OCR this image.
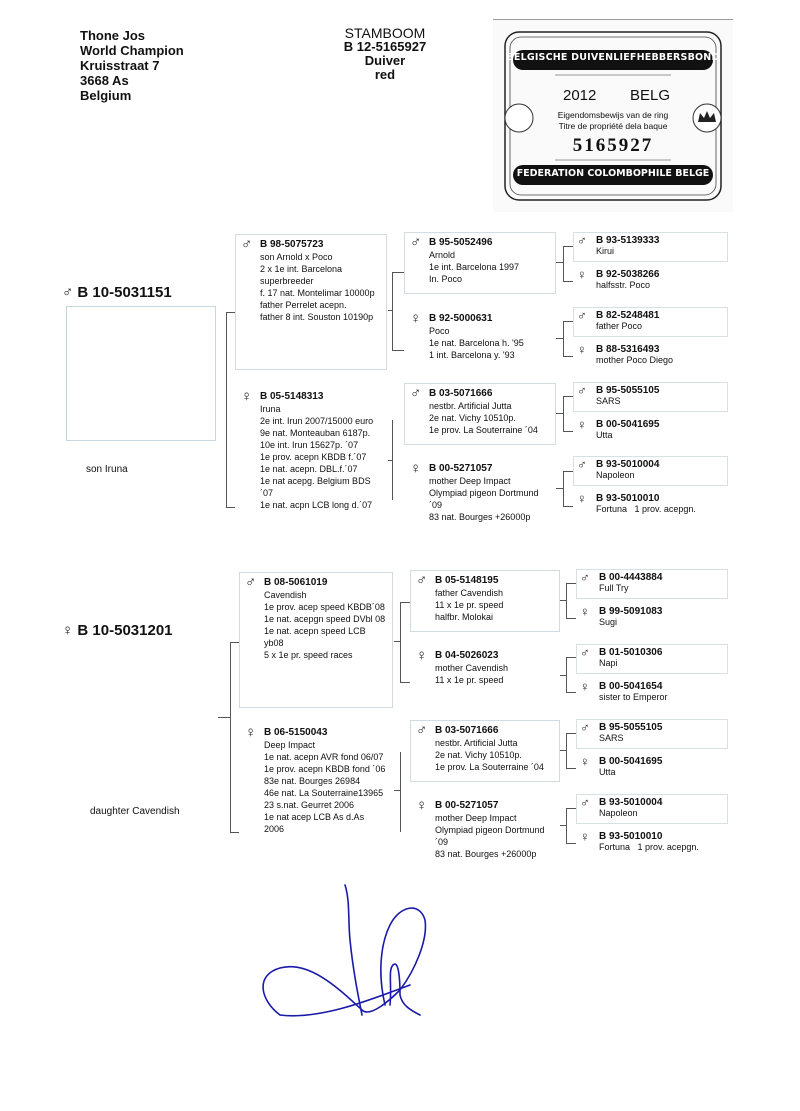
Thone Jos
World Champion
Kruisstraat 7
3668 As
Belgium
STAMBOOM
B 12-5165927
Duiver
red
BELGISCHE DUIVENLIEFHEBBERSBOND
2012 BELG
Eigendomsbewijs van de ring
Titre de propriété dela baque
5165927
FEDERATION COLOMBOPHILE BELGE
♂ B 10-5031151
son Iruna
♂ B 98-5075723
son Arnold x Poco
2 x 1e int. Barcelona
superbreeder
f. 17 nat. Montelimar 10000p
father Perrelet acepn.
father 8 int. Souston 10190p
♀ B 05-5148313
Iruna
2e int. Irun 2007/15000 euro
9e nat. Monteauban 6187p.
10e int. Irun 15627p. ´07
1e prov. acepn KBDB f.´07
1e nat. acepn. DBL.f.´07
1e nat acepg. Belgium BDS´07
1e nat. acpn LCB long d.´07
♂ B 95-5052496
Arnold
1e int. Barcelona 1997
In. Poco
♀ B 92-5000631
Poco
1e nat. Barcelona h. '95
1 int. Barcelona y. '93
♂ B 03-5071666
nestbr. Artificial Jutta
2e nat. Vichy 10510p.
1e prov. La Souterraine ´04
♀ B 00-5271057
mother Deep Impact
Olympiad pigeon Dortmund ´09
83 nat. Bourges +26000p
♂ B 93-5139333
Kirui
♀ B 92-5038266
halfsstr. Poco
♂ B 82-5248481
father Poco
♀ B 88-5316493
mother Poco Diego
♂ B 95-5055105
SARS
♀ B 00-5041695
Utta
♂ B 93-5010004
Napoleon
♀ B 93-5010010
Fortuna   1 prov. acepgn.
♀ B 10-5031201
daughter Cavendish
♂ B 08-5061019
Cavendish
1e prov. acep speed KBDB´08
1e nat. acepgn speed DVbl 08
1e nat. acepn speed LCB yb08
5 x 1e pr. speed races
♀ B 06-5150043
Deep Impact
1e nat. acepn AVR fond 06/07
1e prov. acepn KBDB fond ´06
83e nat. Bourges 26984
46e nat. La Souterraine13965
23 s.nat. Geurret 2006
1e nat acep LCB As d.As 2006
♂ B 05-5148195
father Cavendish
11 x 1e pr. speed
halfbr. Molokai
♀ B 04-5026023
mother Cavendish
11 x 1e pr. speed
♂ B 03-5071666
nestbr. Artificial Jutta
2e nat. Vichy 10510p.
1e prov. La Souterraine ´04
♀ B 00-5271057
mother Deep Impact
Olympiad pigeon Dortmund ´09
83 nat. Bourges +26000p
♂ B 00-4443884
Full Try
♀ B 99-5091083
Sugi
♂ B 01-5010306
Napi
♀ B 00-5041654
sister to Emperor
♂ B 95-5055105
SARS
♀ B 00-5041695
Utta
♂ B 93-5010004
Napoleon
♀ B 93-5010010
Fortuna   1 prov. acepgn.
